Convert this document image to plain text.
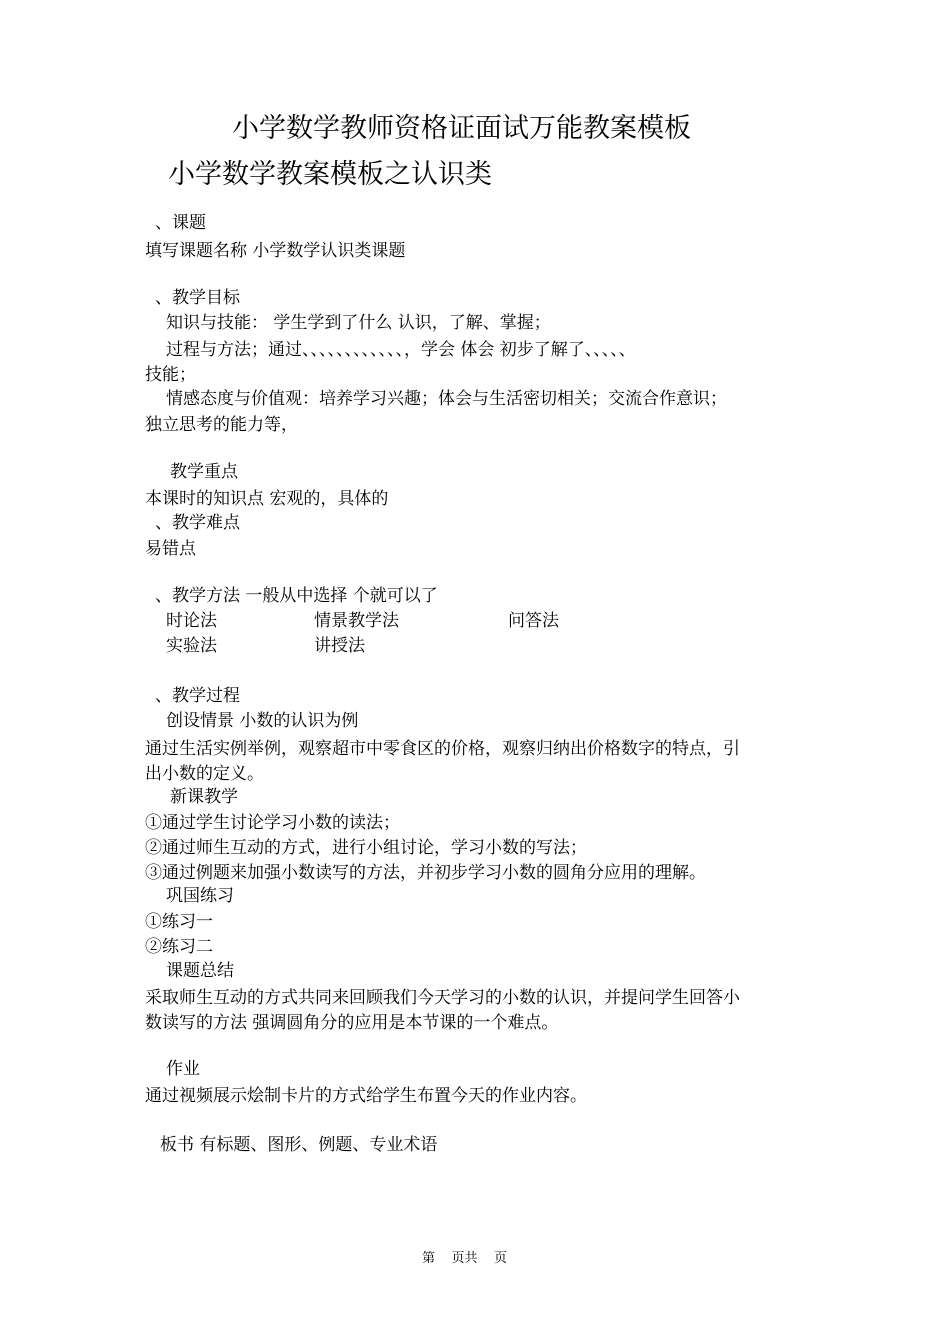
小学数学教师资格证面试万能教案模板
小学数学教案模板之认识类
、课题
填写课题名称 小学数学认识类课题
、教学目标
知识与技能： 学生学到了什么 认识，了解、掌握；
过程与方法；通过、、、、、、、、、、、、，学会 体会 初步了解了、、、、、
技能；
情感态度与价值观：培养学习兴趣；体会与生活密切相关；交流合作意识；
独立思考的能力等，
教学重点
本课时的知识点 宏观的，具体的
、教学难点
易错点
、教学方法 一般从中选择 个就可以了
时论法	情景教学法	问答法
实验法	讲授法
、教学过程
创设情景 小数的认识为例
通过生活实例举例，观察超市中零食区的价格，观察归纳出价格数字的特点，引
出小数的定义。
新课教学
①通过学生讨论学习小数的读法；
②通过师生互动的方式，进行小组讨论，学习小数的写法；
③通过例题来加强小数读写的方法，并初步学习小数的圆角分应用的理解。
巩国练习
①练习一
②练习二
课题总结
采取师生互动的方式共同来回顾我们今天学习的小数的认识，并提问学生回答小
数读写的方法 强调圆角分的应用是本节课的一个难点。
作业
通过视频展示烩制卡片的方式给学生布置今天的作业内容。
板书 有标题、图形、例题、专业术语
第    页共    页
